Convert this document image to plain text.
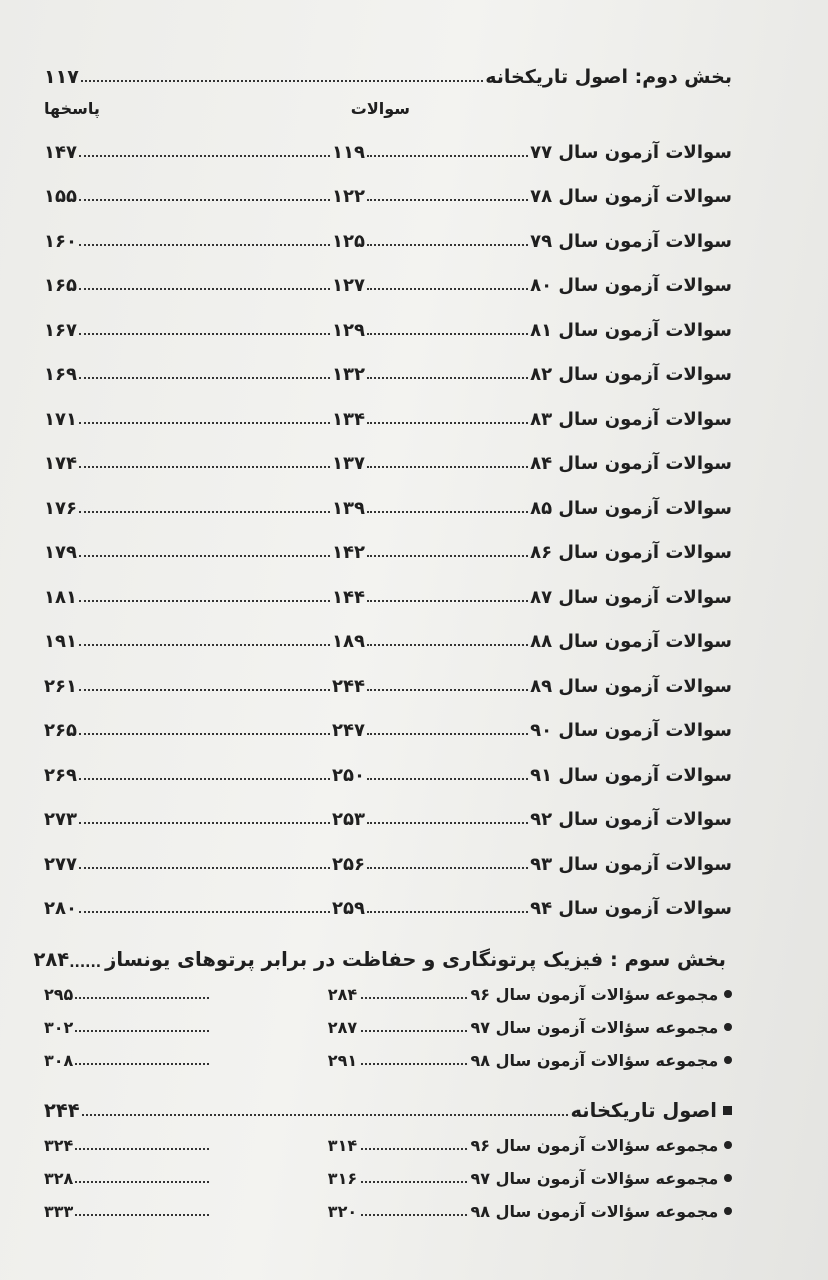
بخش دوم: اصول تاریکخانه
۱۱۷
سوالات
پاسخها
سوالات آزمون سال ۷۷
۱۱۹
۱۴۷
سوالات آزمون سال ۷۸
۱۲۲
۱۵۵
سوالات آزمون سال ۷۹
۱۲۵
۱۶۰
سوالات آزمون سال ۸۰
۱۲۷
۱۶۵
سوالات آزمون سال ۸۱
۱۲۹
۱۶۷
سوالات آزمون سال ۸۲
۱۳۲
۱۶۹
سوالات آزمون سال ۸۳
۱۳۴
۱۷۱
سوالات آزمون سال ۸۴
۱۳۷
۱۷۴
سوالات آزمون سال ۸۵
۱۳۹
۱۷۶
سوالات آزمون سال ۸۶
۱۴۲
۱۷۹
سوالات آزمون سال ۸۷
۱۴۴
۱۸۱
سوالات آزمون سال ۸۸
۱۸۹
۱۹۱
سوالات آزمون سال ۸۹
۲۴۴
۲۶۱
سوالات آزمون سال ۹۰
۲۴۷
۲۶۵
سوالات آزمون سال ۹۱
۲۵۰
۲۶۹
سوالات آزمون سال ۹۲
۲۵۳
۲۷۳
سوالات آزمون سال ۹۳
۲۵۶
۲۷۷
سوالات آزمون سال ۹۴
۲۵۹
۲۸۰
بخش سوم : فیزیک پرتونگاری و حفاظت در برابر پرتوهای یونساز
......
۲۸۴
مجموعه سؤالات آزمون سال ۹۶
۲۸۴
۲۹۵
مجموعه سؤالات آزمون سال ۹۷
۲۸۷
۳۰۲
مجموعه سؤالات آزمون سال ۹۸
۲۹۱
۳۰۸
اصول تاریکخانه
۲۴۴
مجموعه سؤالات آزمون سال ۹۶
۳۱۴
۳۲۴
مجموعه سؤالات آزمون سال ۹۷
۳۱۶
۳۲۸
مجموعه سؤالات آزمون سال ۹۸
۳۲۰
۳۳۳
